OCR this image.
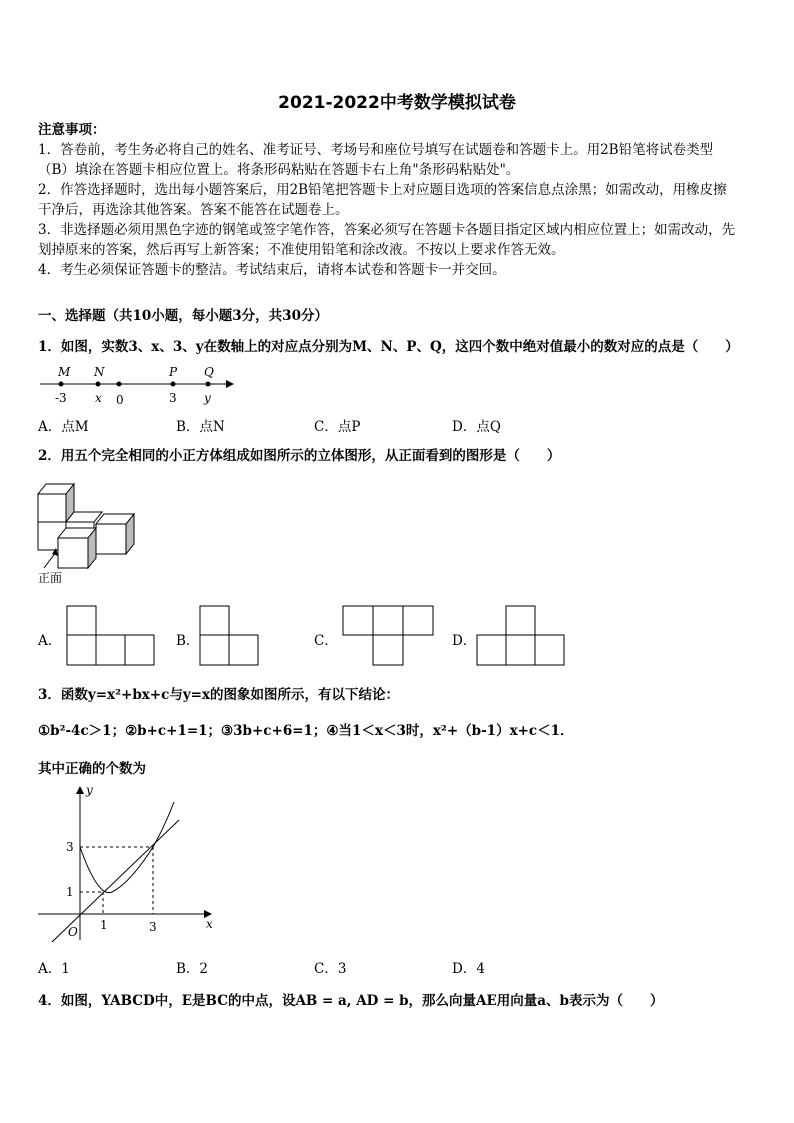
2021-2022中考数学模拟试卷
注意事项：
1．答卷前，考生务必将自己的姓名、准考证号、考场号和座位号填写在试题卷和答题卡上。用2B铅笔将试卷类型
（B）填涂在答题卡相应位置上。将条形码粘贴在答题卡右上角"条形码粘贴处"。
2．作答选择题时，选出每小题答案后，用2B铅笔把答题卡上对应题目选项的答案信息点涂黑；如需改动，用橡皮擦
干净后，再选涂其他答案。答案不能答在试题卷上。
3．非选择题必须用黑色字迹的钢笔或签字笔作答，答案必须写在答题卡各题目指定区域内相应位置上；如需改动，先
划掉原来的答案，然后再写上新答案；不准使用铅笔和涂改液。不按以上要求作答无效。
4．考生必须保证答题卡的整洁。考试结束后，请将本试卷和答题卡一并交回。
一、选择题（共10小题，每小题3分，共30分）
1．如图，实数3、x、3、y在数轴上的对应点分别为M、N、P、Q，这四个数中绝对值最小的数对应的点是（　　）
M N	P Q
-3 x 0	3 y
A．点M	B．点N	C．点P	D．点Q
2．用五个完全相同的小正方体组成如图所示的立体图形，从正面看到的图形是（　　）
正面
A．	B．	C．	D．
3．函数y=x²+bx+c与y=x的图象如图所示，有以下结论：
①b²-4c＞1；②b+c+1=1；③3b+c+6=1；④当1＜x＜3时，x²+（b-1）x+c＜1．
其中正确的个数为
y
x
O
3
1
1	3
A．1	B．2	C．3	D．4
4．如图，YABCD中，E是BC的中点，设AB = a, AD = b，那么向量AE用向量a、b表示为（　　）
